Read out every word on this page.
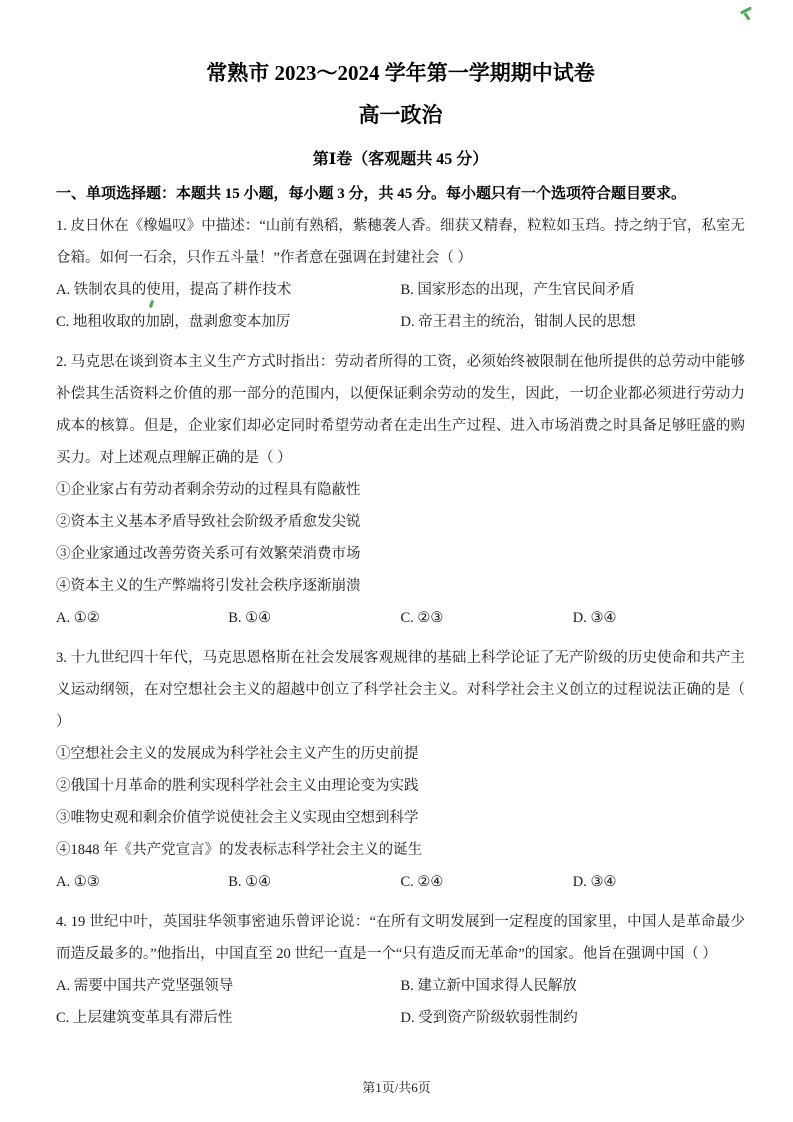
常熟市 2023～2024 学年第一学期期中试卷
高一政治
第Ⅰ卷（客观题共 45 分）

一、单项选择题：本题共 15 小题，每小题 3 分，共 45 分。每小题只有一个选项符合题目要求。

1. 皮日休在《橡媪叹》中描述：“山前有熟稻，紫穗袭人香。细获又精舂，粒粒如玉珰。持之纳于官，私室无仓箱。如何一石余，只作五斗量！”作者意在强调在封建社会（ ）

A. 铁制农具的使用，提高了耕作技术	B. 国家形态的出现，产生官民间矛盾
C. 地租收取的加剧，盘剥愈变本加厉	D. 帝王君主的统治，钳制人民的思想

2. 马克思在谈到资本主义生产方式时指出：劳动者所得的工资，必须始终被限制在他所提供的总劳动中能够补偿其生活资料之价值的那一部分的范围内，以便保证剩余劳动的发生，因此，一切企业都必须进行劳动力成本的核算。但是，企业家们却必定同时希望劳动者在走出生产过程、进入市场消费之时具备足够旺盛的购买力。对上述观点理解正确的是（ ）

①企业家占有劳动者剩余劳动的过程具有隐蔽性
②资本主义基本矛盾导致社会阶级矛盾愈发尖锐
③企业家通过改善劳资关系可有效繁荣消费市场
④资本主义的生产弊端将引发社会秩序逐渐崩溃
A. ①②	B. ①④	C. ②③	D. ③④

3. 十九世纪四十年代，马克思恩格斯在社会发展客观规律的基础上科学论证了无产阶级的历史使命和共产主义运动纲领，在对空想社会主义的超越中创立了科学社会主义。对科学社会主义创立的过程说法正确的是（ ）

①空想社会主义的发展成为科学社会主义产生的历史前提
②俄国十月革命的胜利实现科学社会主义由理论变为实践
③唯物史观和剩余价值学说使社会主义实现由空想到科学
④1848 年《共产党宣言》的发表标志科学社会主义的诞生
A. ①③	B. ①④	C. ②④	D. ③④

4. 19 世纪中叶，英国驻华领事密迪乐曾评论说：“在所有文明发展到一定程度的国家里，中国人是革命最少而造反最多的。”他指出，中国直至 20 世纪一直是一个“只有造反而无革命”的国家。他旨在强调中国（ ）

A. 需要中国共产党坚强领导	B. 建立新中国求得人民解放
C. 上层建筑变革具有滞后性	D. 受到资产阶级软弱性制约
第1页/共6页
